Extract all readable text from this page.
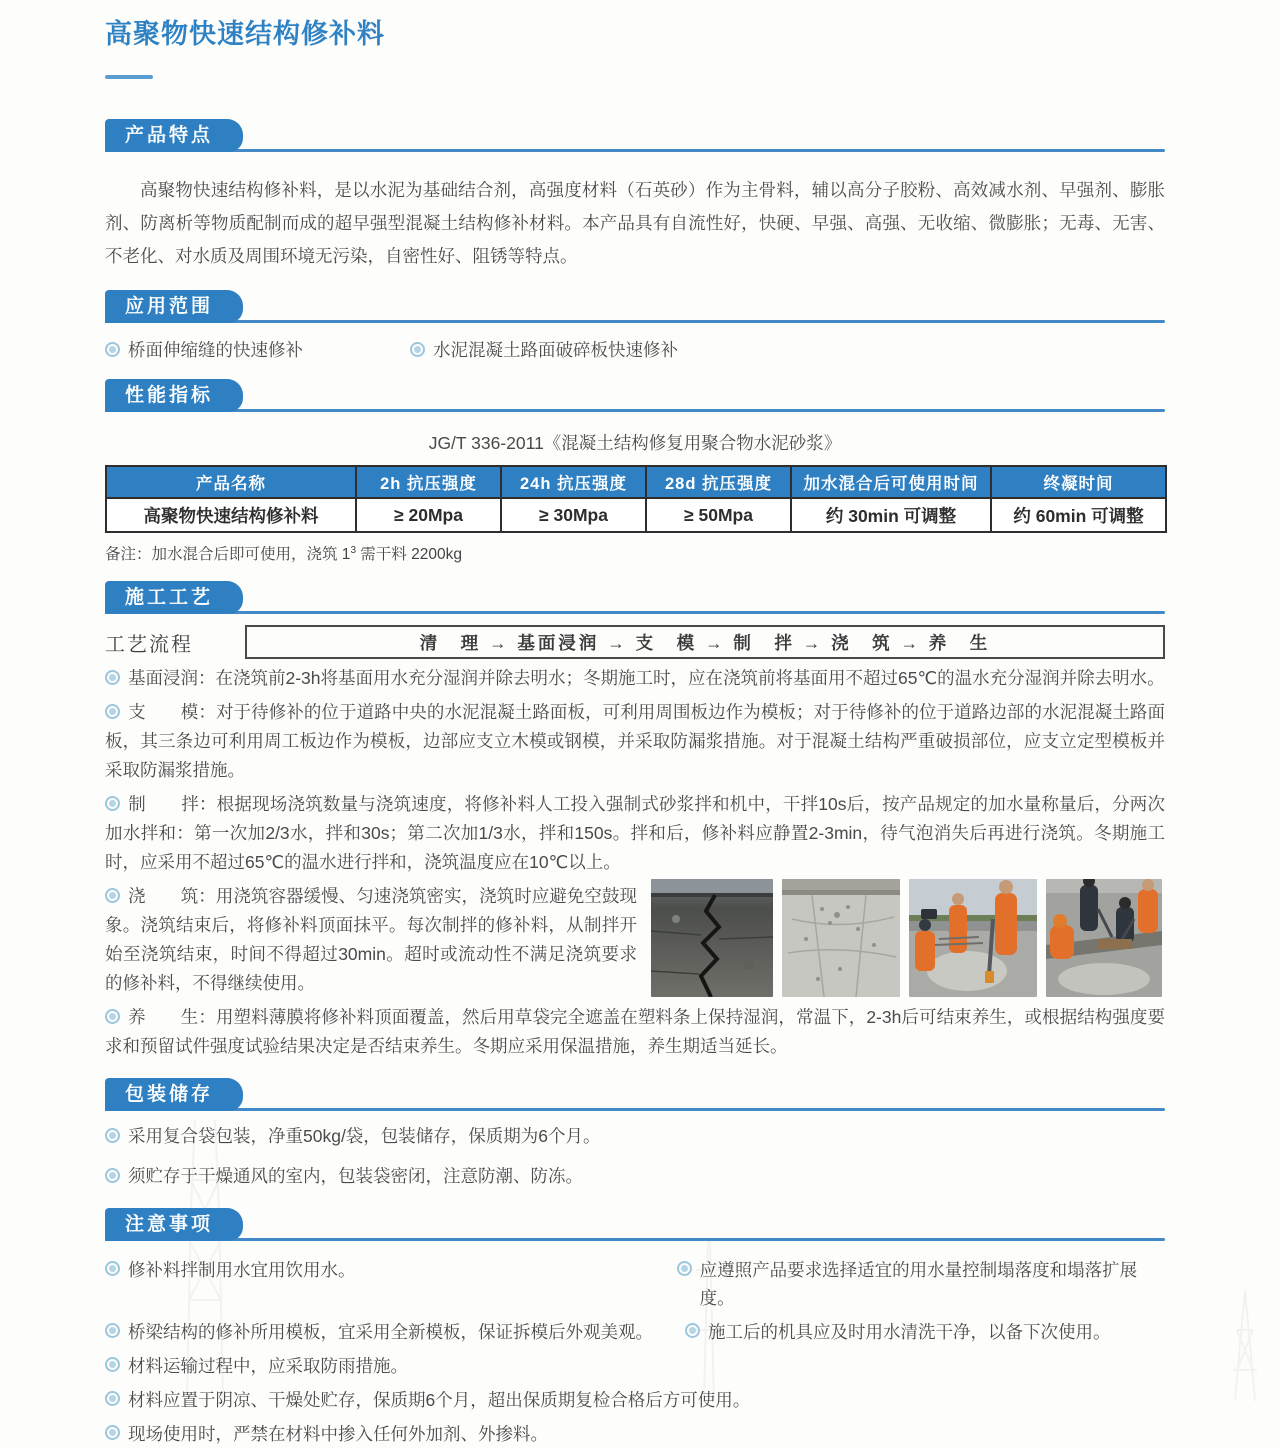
高聚物快速结构修补料
产品特点

高聚物快速结构修补料，是以水泥为基础结合剂，高强度材料（石英砂）作为主骨料，辅以高分子胶粉、高效减水剂、早强剂、膨胀剂、防离析等物质配制而成的超早强型混凝土结构修补材料。本产品具有自流性好，快硬、早强、高强、无收缩、微膨胀；无毒、无害、不老化、对水质及周围环境无污染，自密性好、阻锈等特点。

应用范围
桥面伸缩缝的快速修补	水泥混凝土路面破碎板快速修补
性能指标
JG/T 336-2011《混凝土结构修复用聚合物水泥砂浆》
产品名称	2h 抗压强度	24h 抗压强度	28d 抗压强度	加水混合后可使用时间	终凝时间
高聚物快速结构修补料	≥ 20Mpa	≥ 30Mpa	≥ 50Mpa	约 30min 可调整	约 60min 可调整
备注：加水混合后即可使用，浇筑 $1^3$ 需干料 2200kg
施工工艺
工艺流程	清　理 → 基面浸润 → 支　模 → 制　拌 → 浇　筑 → 养　生

基面浸润：在浇筑前2-3h将基面用水充分湿润并除去明水；冬期施工时，应在浇筑前将基面用不超过65℃的温水充分湿润并除去明水。

支　　模：对于待修补的位于道路中央的水泥混凝土路面板，可利用周围板边作为模板；对于待修补的位于道路边部的水泥混凝土路面板，其三条边可利用周工板边作为模板，边部应支立木模或钢模，并采取防漏浆措施。对于混凝土结构严重破损部位，应支立定型模板并采取防漏浆措施。

制　　拌：根据现场浇筑数量与浇筑速度，将修补料人工投入强制式砂浆拌和机中，干拌10s后，按产品规定的加水量称量后，分两次加水拌和：第一次加2/3水，拌和30s；第二次加1/3水，拌和150s。拌和后，修补料应静置2-3min，待气泡消失后再进行浇筑。冬期施工时，应采用不超过65℃的温水进行拌和，浇筑温度应在10℃以上。

浇　　筑：用浇筑容器缓慢、匀速浇筑密实，浇筑时应避免空鼓现象。浇筑结束后，将修补料顶面抹平。每次制拌的修补料，从制拌开始至浇筑结束，时间不得超过30min。超时或流动性不满足浇筑要求的修补料，不得继续使用。

养　　生：用塑料薄膜将修补料顶面覆盖，然后用草袋完全遮盖在塑料条上保持湿润，常温下，2-3h后可结束养生，或根据结构强度要求和预留试件强度试验结果决定是否结束养生。冬期应采用保温措施，养生期适当延长。

包装储存
采用复合袋包装，净重50kg/袋，包装储存，保质期为6个月。
须贮存于干燥通风的室内，包装袋密闭，注意防潮、防冻。
注意事项
修补料拌制用水宜用饮用水。	应遵照产品要求选择适宜的用水量控制塌落度和塌落扩展度。
桥梁结构的修补所用模板，宜采用全新模板，保证拆模后外观美观。	施工后的机具应及时用水清洗干净，以备下次使用。
材料运输过程中，应采取防雨措施。
材料应置于阴凉、干燥处贮存，保质期6个月，超出保质期复检合格后方可使用。
现场使用时，严禁在材料中掺入任何外加剂、外掺料。
